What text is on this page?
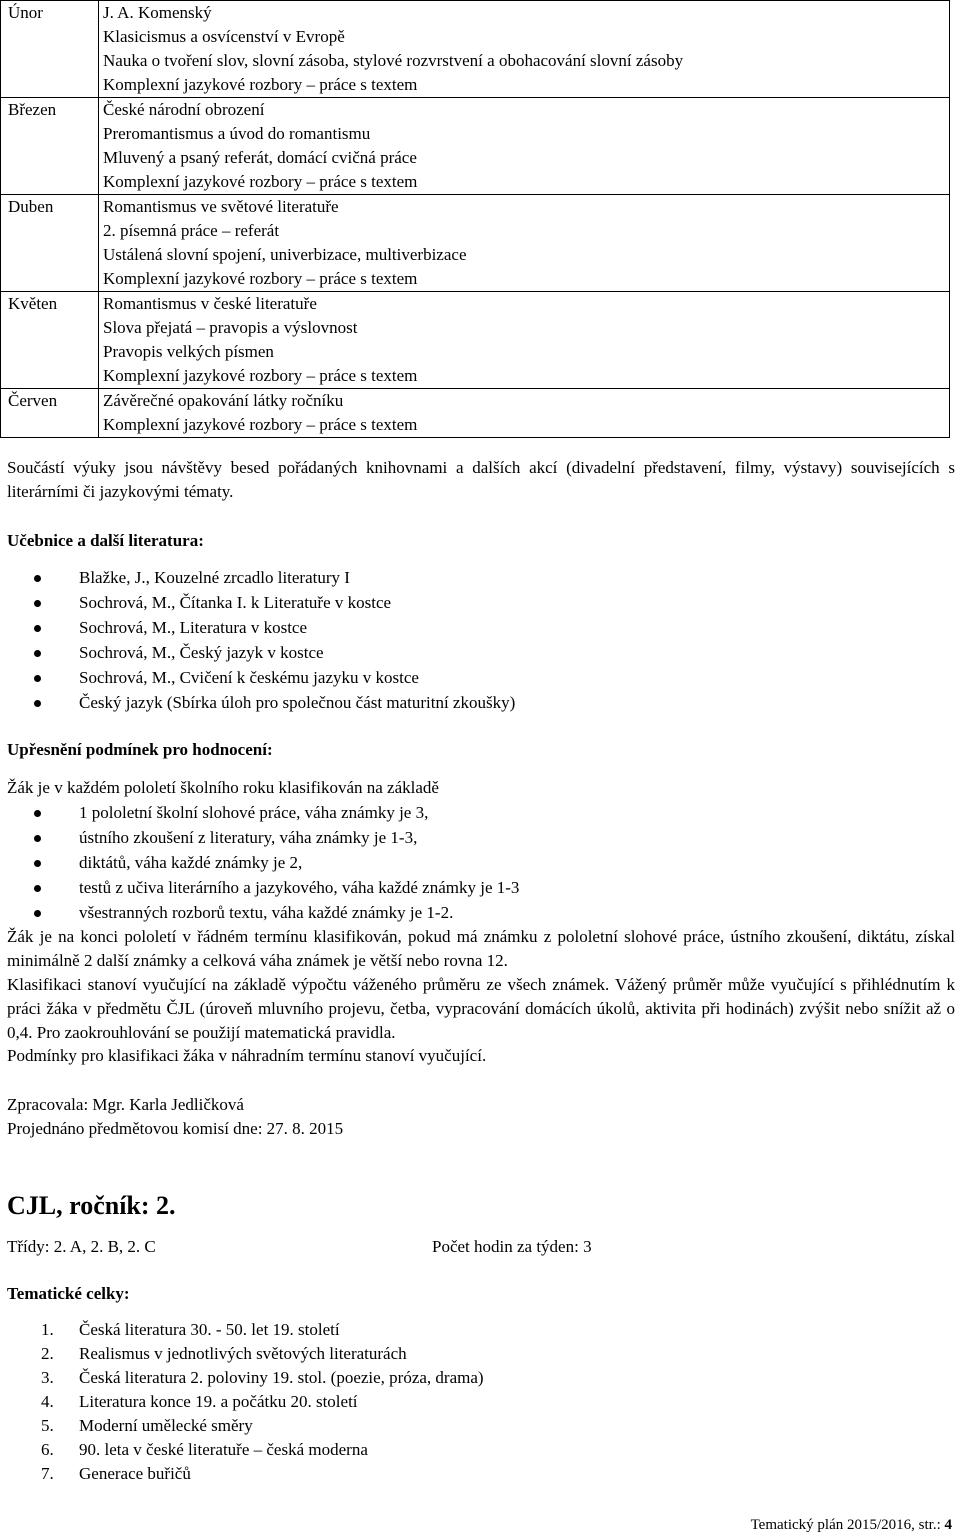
Únor	J. A. Komenský
Klasicismus a osvícenství v Evropě
Nauka o tvoření slov, slovní zásoba, stylové rozvrstvení a obohacování slovní zásoby
Komplexní jazykové rozbory – práce s textem

Březen	České národní obrození
Preromantismus a úvod do romantismu
Mluvený a psaný referát, domácí cvičná práce
Komplexní jazykové rozbory – práce s textem

Duben	Romantismus ve světové literatuře
2. písemná práce – referát
Ustálená slovní spojení, univerbizace, multiverbizace
Komplexní jazykové rozbory – práce s textem

Květen	Romantismus v české literatuře
Slova přejatá – pravopis a výslovnost
Pravopis velkých písmen
Komplexní jazykové rozbory – práce s textem

Červen	Závěrečné opakování látky ročníku
Komplexní jazykové rozbory – práce s textem

Součástí výuky jsou návštěvy besed pořádaných knihovnami a dalších akcí (divadelní představení, filmy, výstavy) souvisejících s literárními či jazykovými tématy.

Učebnice a další literatura:

Blažke, J., Kouzelné zrcadlo literatury I
Sochrová, M., Čítanka I. k Literatuře v kostce
Sochrová, M., Literatura v kostce
Sochrová, M., Český jazyk v kostce
Sochrová, M., Cvičení k českému jazyku v kostce
Český jazyk (Sbírka úloh pro společnou část maturitní zkoušky)

Upřesnění podmínek pro hodnocení:

Žák je v každém pololetí školního roku klasifikován na základě

1 pololetní školní slohové práce, váha známky je 3,
ústního zkoušení z literatury, váha známky je 1-3,
diktátů, váha každé známky je 2,
testů z učiva literárního a jazykového, váha každé známky je 1-3
všestranných rozborů textu, váha každé známky je 1-2.

Žák je na konci pololetí v řádném termínu klasifikován, pokud má známku z pololetní slohové práce, ústního zkoušení, diktátu, získal minimálně 2 další známky a celková váha známek je větší nebo rovna 12.

Klasifikaci stanoví vyučující na základě výpočtu váženého průměru ze všech známek. Vážený průměr může vyučující s přihlédnutím k práci žáka v předmětu ČJL (úroveň mluvního projevu, četba, vypracování domácích úkolů, aktivita při hodinách) zvýšit nebo snížit až o 0,4. Pro zaokrouhlování se použijí matematická pravidla.

Podmínky pro klasifikaci žáka v náhradním termínu stanoví vyučující.

Zpracovala: Mgr. Karla Jedličková

Projednáno předmětovou komisí dne: 27. 8. 2015

CJL, ročník: 2.

Třídy: 2. A, 2. B, 2. C	Počet hodin za týden: 3

Tematické celky:

1. Česká literatura 30. - 50. let 19. století
2. Realismus v jednotlivých světových literaturách
3. Česká literatura 2. poloviny 19. stol. (poezie, próza, drama)
4. Literatura konce 19. a počátku 20. století
5. Moderní umělecké směry
6. 90. leta v české literatuře – česká moderna
7. Generace buřičů
Tematický plán 2015/2016, str.: 4
